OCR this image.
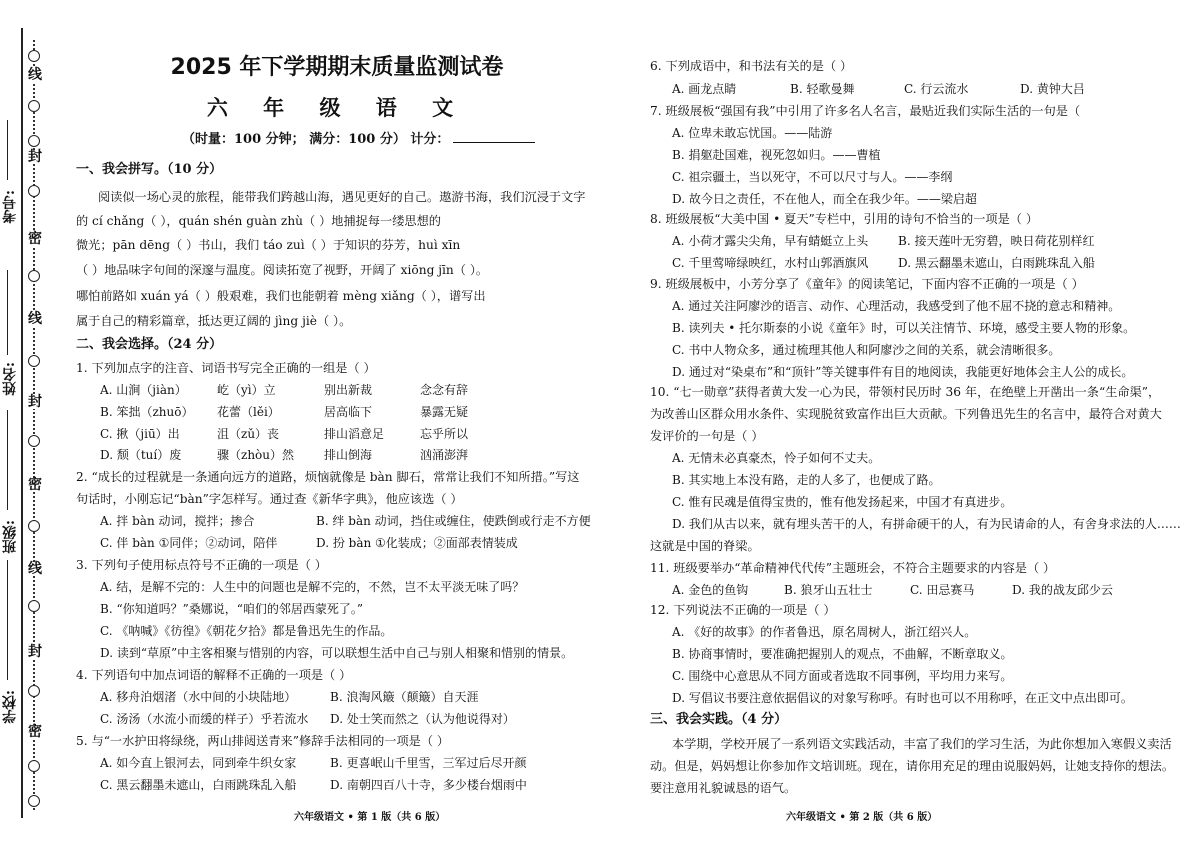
考号:
姓名:
班级:
学校:
线
封
密
线
封
密
线
封
密
2025 年下学期期末质量监测试卷
六 年 级 语 文
（时量：100 分钟； 满分：100 分） 计分：
一、我会拼写。（10 分）
阅读似一场心灵的旅程，能带我们跨越山海，遇见更好的自己。遨游书海，我们沉浸于文字
的 cí chǎng（ ），quán shén guàn zhù（ ）地捕捉每一缕思想的
微光；pān dēng（ ）书山，我们 táo zuì（ ）于知识的芬芳，huì xīn
（ ）地品味字句间的深邃与温度。阅读拓宽了视野，开阔了 xiōng jīn（ ）。
哪怕前路如 xuán yá（ ）般艰难，我们也能朝着 mèng xiǎng（ ），谱写出
属于自己的精彩篇章，抵达更辽阔的 jìng jiè（ ）。
二、我会选择。（24 分）
1. 下列加点字的注音、词语书写完全正确的一组是（ ）
A. 山涧（jiàn）	屹（yì）立	别出新裁	念念有辞
B. 笨拙（zhuō） 花蕾（lěi）	居高临下	暴露无疑
C. 揪（jiū）出	沮（zǔ）丧	排山滔意足	忘乎所以
D. 颓（tuí）废	骤（zhòu）然 排山倒海	汹涌澎湃
2. “成长的过程就是一条通向远方的道路，烦恼就像是 bàn 脚石，常常让我们不知所措。”写这
句话时，小刚忘记“bàn”字怎样写。通过查《新华字典》，他应该选（ ）
A. 拌 bàn 动词，搅拌；掺合	B. 绊 bàn 动词，挡住或缠住，使跌倒或行走不方便
C. 伴 bàn ①同伴；②动词，陪伴	D. 扮 bàn ①化装成；②面部表情装成
3. 下列句子使用标点符号不正确的一项是（ ）
A. 结，是解不完的：人生中的问题也是解不完的，不然，岂不太平淡无味了吗？
B. “你知道吗？”桑娜说，“咱们的邻居西蒙死了。”
C. 《呐喊》《彷徨》《朝花夕拾》都是鲁迅先生的作品。
D. 读到“草原”中主客相聚与惜别的内容，可以联想生活中自己与别人相聚和惜别的情景。
4. 下列语句中加点词语的解释不正确的一项是（ ）
A. 移舟泊烟渚（水中间的小块陆地）	B. 浪淘风簸（颠簸）自天涯
C. 汤汤（水流小而缓的样子）乎若流水 D. 处士笑而然之（认为他说得对）
5. 与“一水护田将绿绕，两山排闼送青来”修辞手法相同的一项是（ ）
A. 如今直上银河去，同到牵牛织女家	B. 更喜岷山千里雪，三军过后尽开颜
C. 黑云翻墨未遮山，白雨跳珠乱入船	D. 南朝四百八十寺，多少楼台烟雨中
六年级语文 • 第 1 版（共 6 版）
6. 下列成语中，和书法有关的是（ ）
A. 画龙点睛	B. 轻歌曼舞	C. 行云流水	D. 黄钟大吕
7. 班级展板“强国有我”中引用了许多名人名言，最贴近我们实际生活的一句是（
A. 位卑未敢忘忧国。——陆游
B. 捐躯赴国难，视死忽如归。——曹植
C. 祖宗疆土，当以死守，不可以尺寸与人。——李纲
D. 故今日之责任，不在他人，而全在我少年。——梁启超
8. 班级展板“大美中国 • 夏天”专栏中，引用的诗句不恰当的一项是（ ）
A. 小荷才露尖尖角，早有蜻蜓立上头 B. 接天莲叶无穷碧，映日荷花别样红
C. 千里莺啼绿映红，水村山郭酒旗风 D. 黑云翻墨未遮山，白雨跳珠乱入船
9. 班级展板中，小芳分享了《童年》的阅读笔记，下面内容不正确的一项是（ ）
A. 通过关注阿廖沙的语言、动作、心理活动，我感受到了他不屈不挠的意志和精神。
B. 读列夫 • 托尔斯泰的小说《童年》时，可以关注情节、环境，感受主要人物的形象。
C. 书中人物众多，通过梳理其他人和阿廖沙之间的关系，就会清晰很多。
D. 通过对“染桌布”和“顶针”等关键事件有目的地阅读，我能更好地体会主人公的成长。
10. “七一勋章”获得者黄大发一心为民，带领村民历时 36 年，在绝壁上开凿出一条“生命渠”，
为改善山区群众用水条件、实现脱贫致富作出巨大贡献。下列鲁迅先生的名言中，最符合对黄大
发评价的一句是（ ）
A. 无情未必真豪杰，怜子如何不丈夫。
B. 其实地上本没有路，走的人多了，也便成了路。
C. 惟有民魂是值得宝贵的，惟有他发扬起来，中国才有真进步。
D. 我们从古以来，就有埋头苦干的人，有拼命硬干的人，有为民请命的人，有舍身求法的人……
这就是中国的脊梁。
11. 班级要举办“革命精神代代传”主题班会，不符合主题要求的内容是（ ）
A. 金色的鱼钩	B. 狼牙山五壮士	C. 田忌赛马	D. 我的战友邱少云
12. 下列说法不正确的一项是（ ）
A. 《好的故事》的作者鲁迅，原名周树人，浙江绍兴人。
B. 协商事情时，要准确把握别人的观点，不曲解，不断章取义。
C. 围绕中心意思从不同方面或者选取不同事例，平均用力来写。
D. 写倡议书要注意依据倡议的对象写称呼。有时也可以不用称呼，在正文中点出即可。
三、我会实践。（4 分）
本学期，学校开展了一系列语文实践活动，丰富了我们的学习生活，为此你想加入寒假义卖活
动。但是，妈妈想让你参加作文培训班。现在，请你用充足的理由说服妈妈，让她支持你的想法。
要注意用礼貌诚恳的语气。
六年级语文 • 第 2 版（共 6 版）
